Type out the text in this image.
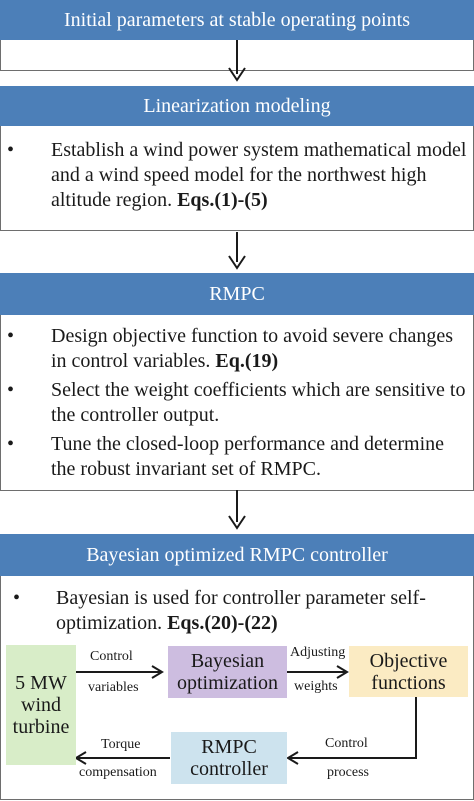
Initial parameters at stable operating points
Linearization modeling
• Establish a wind power system mathematical model and a wind speed model for the northwest high altitude region. Eqs.(1)-(5)
RMPC
• Design objective function to avoid severe changes in control variables. Eq.(19)
• Select the weight coefficients which are sensitive to the controller output.
• Tune the closed-loop performance and determine the robust invariant set of RMPC.
Bayesian optimized RMPC controller
• Bayesian is used for controller parameter self-optimization. Eqs.(20)-(22)
5 MW wind turbine
Bayesian optimization
Objective functions
RMPC controller
Control
variables
Adjusting
weights
Control
process
Torque
compensation
